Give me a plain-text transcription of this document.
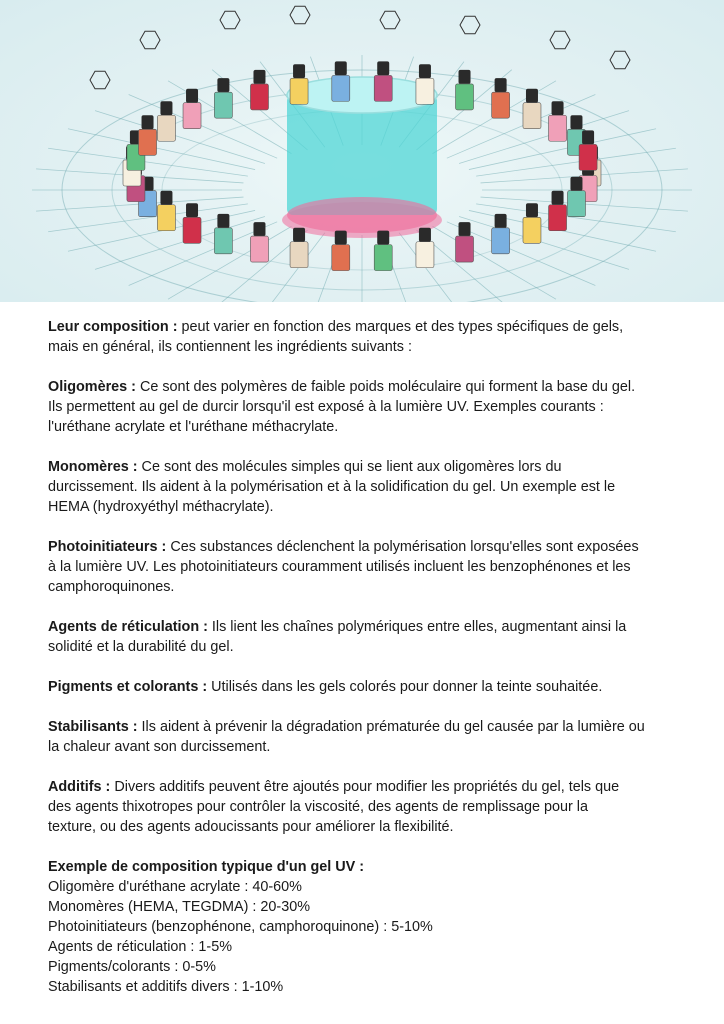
Leur composition : peut varier en fonction des marques et des types spécifiques de gels,
mais en général, ils contiennent les ingrédients suivants :

Oligomères : Ce sont des polymères de faible poids moléculaire qui forment la base du gel.
Ils permettent au gel de durcir lorsqu'il est exposé à la lumière UV. Exemples courants :
l'uréthane acrylate et l'uréthane méthacrylate.

Monomères : Ce sont des molécules simples qui se lient aux oligomères lors du
durcissement. Ils aident à la polymérisation et à la solidification du gel. Un exemple est le
HEMA (hydroxyéthyl méthacrylate).

Photoinitiateurs : Ces substances déclenchent la polymérisation lorsqu'elles sont exposées
à la lumière UV. Les photoinitiateurs couramment utilisés incluent les benzophénones et les
camphoroquinones.

Agents de réticulation : Ils lient les chaînes polymériques entre elles, augmentant ainsi la
solidité et la durabilité du gel.

Pigments et colorants : Utilisés dans les gels colorés pour donner la teinte souhaitée.

Stabilisants : Ils aident à prévenir la dégradation prématurée du gel causée par la lumière ou
la chaleur avant son durcissement.

Additifs : Divers additifs peuvent être ajoutés pour modifier les propriétés du gel, tels que
des agents thixotropes pour contrôler la viscosité, des agents de remplissage pour la
texture, ou des agents adoucissants pour améliorer la flexibilité.

Exemple de composition typique d'un gel UV :
Oligomère d'uréthane acrylate : 40-60%
Monomères (HEMA, TEGDMA) : 20-30%
Photoinitiateurs (benzophénone, camphoroquinone) : 5-10%
Agents de réticulation : 1-5%
Pigments/colorants : 0-5%
Stabilisants et additifs divers : 1-10%
